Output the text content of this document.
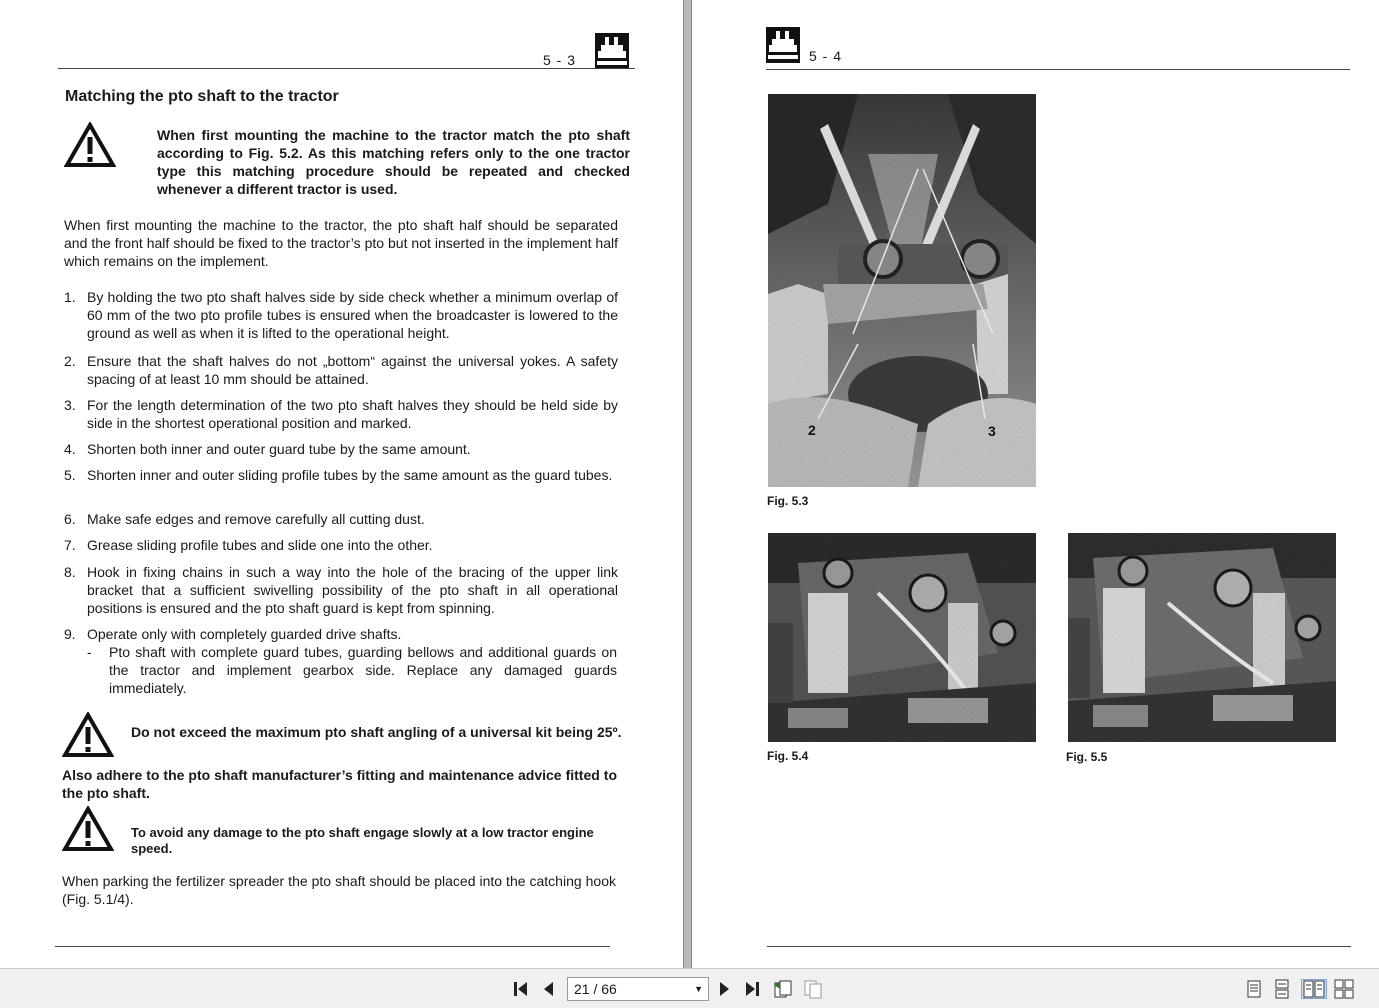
5 - 3
Matching the pto shaft to the tractor
When first mounting the machine to the tractor match the pto shaft according to Fig. 5.2. As this matching refers only to the one tractor type this matching procedure should be repeated and checked whenever a different tractor is used.
When first mounting the machine to the tractor, the pto shaft half should be separated and the front half should be fixed to the tractor’s pto but not inserted in the implement half which remains on the implement.
1. By holding the two pto shaft halves side by side check whether a minimum overlap of 60 mm of the two pto profile tubes is ensured when the broadcaster is lowered to the ground as well as when it is lifted to the operational height.
2. Ensure that the shaft halves do not „bottom“ against the universal yokes. A safety spacing of at least 10 mm should be attained.
3. For the length determination of the two pto shaft halves they should be held side by side in the shortest operational position and marked.
4. Shorten both inner and outer guard tube by the same amount.
5. Shorten inner and outer sliding profile tubes by the same amount as the guard tubes.
6. Make safe edges and remove carefully all cutting dust.
7. Grease sliding profile tubes and slide one into the other.
8. Hook in fixing chains in such a way into the hole of the bracing of the upper link bracket that a sufficient swivelling possibility of the pto shaft in all operational positions is ensured and the pto shaft guard is kept from spinning.
9. Operate only with completely guarded drive shafts.
-	Pto shaft with complete guard tubes, guarding bellows and additional guards on the tractor and implement gearbox side. Replace any damaged guards immediately.
Do not exceed the maximum pto shaft angling of a universal kit being 25º.
Also adhere to the pto shaft manufacturer’s fitting and maintenance advice fitted to the pto shaft.
To avoid any damage to the pto shaft engage slowly at a low tractor engine speed.
When parking the fertilizer spreader the pto shaft should be placed into the catching hook (Fig. 5.1/4).
5 - 4
2	3
Fig. 5.3
Fig. 5.4	Fig. 5.5
21 / 66	▼
